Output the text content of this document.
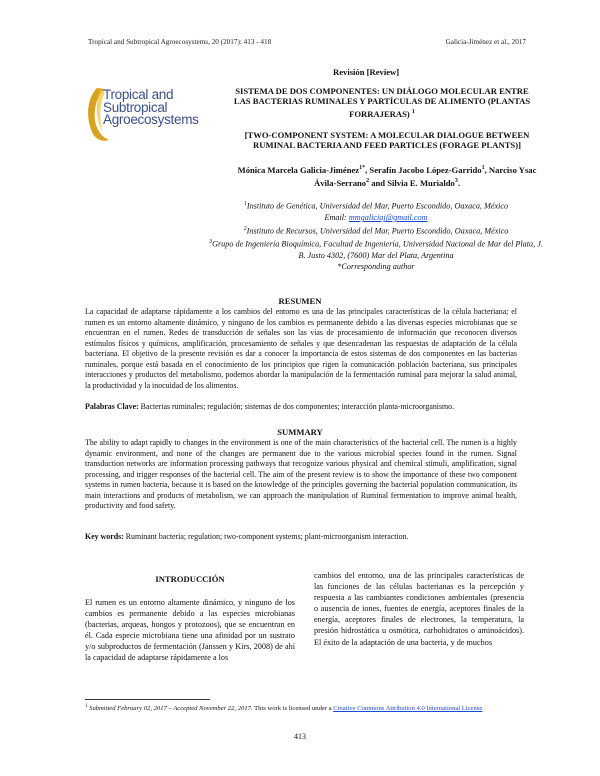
Tropical and Subtropical Agroecosystems, 20 (2017): 413 - 418	Galicia-Jiménez et al., 2017
Revisión [Review]
Tropical and
Subtropical
Agroecosystems
SISTEMA DE DOS COMPONENTES: UN DIÁLOGO MOLECULAR ENTRE LAS BACTERIAS RUMINALES Y PARTÍCULAS DE ALIMENTO (PLANTAS FORRAJERAS) $^1$
[TWO-COMPONENT SYSTEM: A MOLECULAR DIALOGUE BETWEEN RUMINAL BACTERIA AND FEED PARTICLES (FORAGE PLANTS)]
Mónica Marcela Galicia-Jiménez$^{1*}$, Serafín Jacobo López-Garrido$^1$, Narciso Ysac Ávila-Serrano$^2$ and Silvia E. Murialdo$^3$.
$^1$Instituto de Genética, Universidad del Mar, Puerto Escondido, Oaxaca, México
Email: mmgaliciaj@gmail.com
$^2$Instituto de Recursos, Universidad del Mar, Puerto Escondido, Oaxaca, México
$^3$Grupo de Ingeniería Bioquímica, Facultad de Ingeniería, Universidad Nacional de Mar del Plata, J. B. Justo 4302, (7600) Mar del Plata, Argentina
*Corresponding author
RESUMEN
La capacidad de adaptarse rápidamente a los cambios del entorno es una de las principales características de la célula bacteriana; el rumen es un entorno altamente dinámico, y ninguno de los cambios es permanente debido a las diversas especies microbianas que se encuentran en el rumen. Redes de transducción de señales son las vías de procesamiento de información que reconocen diversos estímulos físicos y químicos, amplificación, procesamiento de señales y que desencadenan las respuestas de adaptación de la célula bacteriana. El objetivo de la presente revisión es dar a conocer la importancia de estos sistemas de dos componentes en las bacterias ruminales, porque está basada en el conocimiento de los principios que rigen la comunicación población bacteriana, sus principales interacciones y productos del metabolismo, podemos abordar la manipulación de la fermentación ruminal para mejorar la salud animal, la productividad y la inocuidad de los alimentos.
Palabras Clave: Bacterias ruminales; regulación; sistemas de dos componentes; interacción planta-microorganismo.
SUMMARY
The ability to adapt rapidly to changes in the environment is one of the main characteristics of the bacterial cell. The rumen is a highly dynamic environment, and none of the changes are permanent due to the various microbial species found in the rumen. Signal transduction networks are information processing pathways that recognize various physical and chemical stimuli, amplification, signal processing, and trigger responses of the bacterial cell. The aim of the present review is to show the importance of these two component systems in rumen bacteria, because it is based on the knowledge of the principles governing the bacterial population communication, its main interactions and products of metabolism, we can approach the manipulation of Ruminal fermentation to improve animal health, productivity and food safety.
Key words: Ruminant bacteria; regulation; two-component systems; plant-microorganism interaction.
INTRODUCCIÓN
El rumen es un entorno altamente dinámico, y ninguno de los cambios es permanente debido a las especies microbianas (bacterias, arqueas, hongos y protozoos), que se encuentran en él. Cada especie microbiana tiene una afinidad por un sustrato y/o subproductos de fermentación (Janssen y Kirs, 2008) de ahí la capacidad de adaptarse rápidamente a los
cambios del entorno, una de las principales características de las funciones de las células bacterianas es la percepción y respuesta a las cambiantes condiciones ambientales (presencia o ausencia de iones, fuentes de energía, aceptores finales de la energía, aceptores finales de electrones, la temperatura, la presión hidrostática u osmótica, carbohidratos o aminoácidos). El éxito de la adaptación de una bacteria, y de muchos
$^1$ Submitted February 02, 2017 – Accepted November 22, 2017. This work is licensed under a Creative Commons Attribution 4.0 International License
413
